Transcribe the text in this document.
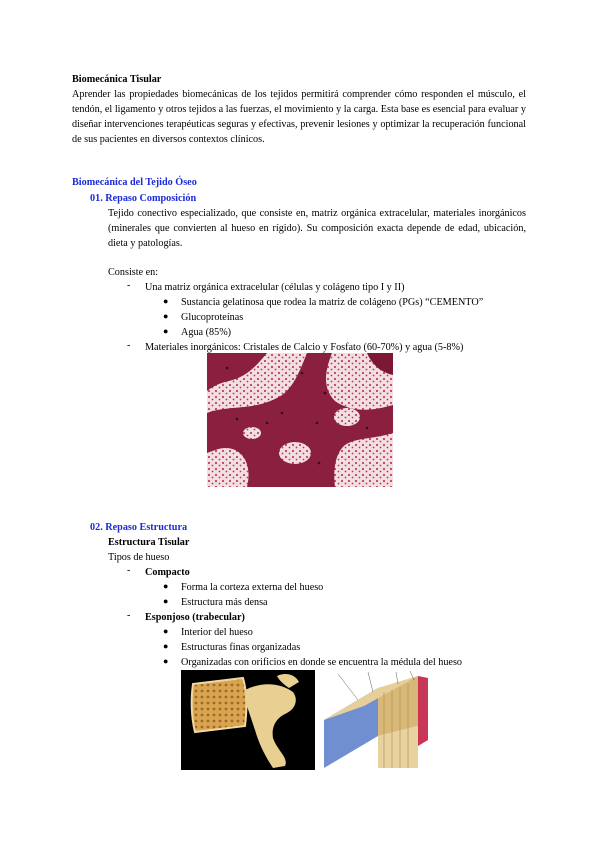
Biomecánica Tisular
Aprender las propiedades biomecánicas de los tejidos permitirá comprender cómo responden el músculo, el tendón, el ligamento y otros tejidos a las fuerzas, el movimiento y la carga. Esta base es esencial para evaluar y diseñar intervenciones terapéuticas seguras y efectivas, prevenir lesiones y optimizar la recuperación funcional de sus pacientes en diversos contextos clínicos.
Biomecánica del Tejido Óseo
01. Repaso Composición
Tejido conectivo especializado, que consiste en, matriz orgánica extracelular, materiales inorgánicos (minerales que convierten al hueso en rígido). Su composición exacta depende de edad, ubicación, dieta y patologías.
Consiste en:
- Una matriz orgánica extracelular (células y colágeno tipo I y II)
● Sustancia gelatinosa que rodea la matriz de colágeno (PGs) “CEMENTO”
● Glucoproteínas
● Agua (85%)
- Materiales inorgánicos: Cristales de Calcio y Fosfato (60-70%) y agua (5-8%)
02. Repaso Estructura
Estructura Tisular
Tipos de hueso
- Compacto
● Forma la corteza externa del hueso
● Estructura más densa
- Esponjoso (trabecular)
● Interior del hueso
● Estructuras finas organizadas
● Organizadas con orificios en donde se encuentra la médula del hueso
